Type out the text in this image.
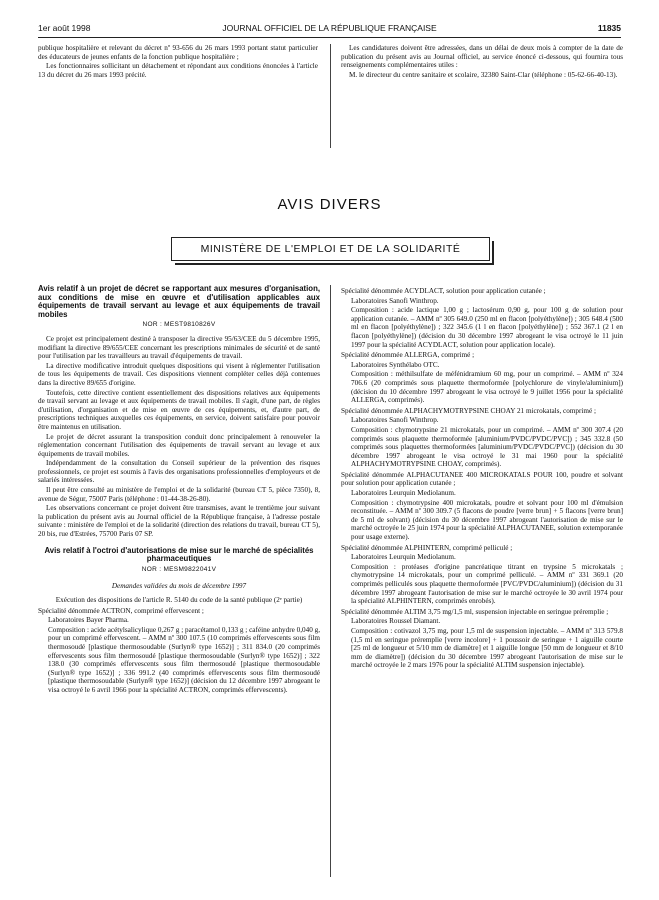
1er août 1998	JOURNAL OFFICIEL DE LA RÉPUBLIQUE FRANÇAISE	11835

publique hospitalière et relevant du décret nº 93-656 du 26 mars 1993 portant statut particulier des éducateurs de jeunes enfants de la fonction publique hospitalière ;

Les fonctionnaires sollicitant un détachement et répondant aux conditions énoncées à l'article 13 du décret du 26 mars 1993 précité.

Les candidatures doivent être adressées, dans un délai de deux mois à compter de la date de publication du présent avis au Journal officiel, au service énoncé ci-dessous, qui fournira tous renseignements complémentaires utiles :

M. le directeur du centre sanitaire et scolaire, 32380 Saint-Clar (téléphone : 05-62-66-40-13).

AVIS DIVERS
MINISTÈRE DE L'EMPLOI ET DE LA SOLIDARITÉ
Avis relatif à un projet de décret se rapportant aux mesures d'organisation, aux conditions de mise en œuvre et d'utilisation applicables aux équipements de travail servant au levage et aux équipements de travail mobiles
NOR : MEST9810826V

Ce projet est principalement destiné à transposer la directive 95/63/CEE du 5 décembre 1995, modifiant la directive 89/655/CEE concernant les prescriptions minimales de sécurité et de santé pour l'utilisation par les travailleurs au travail d'équipements de travail.

La directive modificative introduit quelques dispositions qui visent à réglementer l'utilisation de tous les équipements de travail. Ces dispositions viennent compléter celles déjà contenues dans la directive 89/655 d'origine.

Toutefois, cette directive contient essentiellement des dispositions relatives aux équipements de travail servant au levage et aux équipements de travail mobiles. Il s'agit, d'une part, de règles d'utilisation, d'organisation et de mise en œuvre de ces équipements, et, d'autre part, de prescriptions techniques auxquelles ces équipements, en service, doivent satisfaire pour pouvoir être maintenus en utilisation.

Le projet de décret assurant la transposition conduit donc principalement à renouveler la réglementation concernant l'utilisation des équipements de travail servant au levage et aux équipements de travail mobiles.

Indépendamment de la consultation du Conseil supérieur de la prévention des risques professionnels, ce projet est soumis à l'avis des organisations professionnelles d'employeurs et de salariés intéressées.

Il peut être consulté au ministère de l'emploi et de la solidarité (bureau CT 5, pièce 7350), 8, avenue de Ségur, 75007 Paris (téléphone : 01-44-38-26-80).

Les observations concernant ce projet doivent être transmises, avant le trentième jour suivant la publication du présent avis au Journal officiel de la République française, à l'adresse postale suivante : ministère de l'emploi et de la solidarité (direction des relations du travail, bureau CT 5), 20 bis, rue d'Estrées, 75700 Paris 07 SP.

Avis relatif à l'octroi d'autorisations de mise sur le marché de spécialités pharmaceutiques
NOR : MESM9822041V
Demandes validées du mois de décembre 1997
Exécution des dispositions de l'article R. 5140 du code de la santé publique (2ᵉ partie)

Spécialité dénommée ACTRON, comprimé effervescent ;

Laboratoires Bayer Pharma.

Composition : acide acétylsalicylique 0,267 g ; paracétamol 0,133 g ; caféine anhydre 0,040 g, pour un comprimé effervescent. – AMM nº 300 107.5 (10 comprimés effervescents sous film thermosoudé [plastique thermosoudable (Surlyn® type 1652)] ; 311 834.0 (20 comprimés effervescents sous film thermosoudé [plastique thermosoudable (Surlyn® type 1652)] ; 322 138.0 (30 comprimés effervescents sous film thermosoudé [plastique thermosoudable (Surlyn® type 1652)] ; 336 991.2 (40 comprimés effervescents sous film thermosoudé [plastique thermosoudable (Surlyn® type 1652)] (décision du 12 décembre 1997 abrogeant le visa octroyé le 6 avril 1966 pour la spécialité ACTRON, comprimés effervescents).

Spécialité dénommée ACYDLACT, solution pour application cutanée ;

Laboratoires Sanofi Winthrop.

Composition : acide lactique 1,00 g ; lactosérum 0,90 g, pour 100 g de solution pour application cutanée. – AMM nº 305 649.0 (250 ml en flacon [polyéthylène]) ; 305 648.4 (500 ml en flacon [polyéthylène]) ; 322 345.6 (1 l en flacon [polyéthylène]) ; 552 367.1 (2 l en flacon [polyéthylène]) (décision du 30 décembre 1997 abrogeant le visa octroyé le 11 juin 1997 pour la spécialité ACYDLACT, solution pour application locale).

Spécialité dénommée ALLERGA, comprimé ;

Laboratoires Synthélabo OTC.

Composition : méthilsulfate de méfénidramium 60 mg, pour un comprimé. – AMM nº 324 706.6 (20 comprimés sous plaquette thermoformée [polychlorure de vinyle/aluminium]) (décision du 10 décembre 1997 abrogeant le visa octroyé le 9 juillet 1956 pour la spécialité ALLERGA, comprimés).

Spécialité dénommée ALPHACHYMOTRYPSINE CHOAY 21 microkatals, comprimé ;

Laboratoires Sanofi Winthrop.

Composition : chymotrypsine 21 microkatals, pour un comprimé. – AMM nº 300 307.4 (20 comprimés sous plaquette thermoformée [aluminium/PVDC/PVDC/PVC]) ; 345 332.8 (50 comprimés sous plaquettes thermoformées [aluminium/PVDC/PVDC/PVC]) (décision du 30 décembre 1997 abrogeant le visa octroyé le 31 mai 1960 pour la spécialité ALPHACHYMOTRYPSINE CHOAY, comprimés).

Spécialité dénommée ALPHACUTANEE 400 MICROKATALS POUR 100, poudre et solvant pour solution pour application cutanée ;

Laboratoires Leurquin Mediolanum.

Composition : chymotrypsine 400 microkatals, poudre et solvant pour 100 ml d'émulsion reconstituée. – AMM nº 300 309.7 (5 flacons de poudre [verre brun] + 5 flacons [verre brun] de 5 ml de solvant) (décision du 30 décembre 1997 abrogeant l'autorisation de mise sur le marché octroyée le 25 juin 1974 pour la spécialité ALPHACUTANEE, solution extemporanée pour usage externe).

Spécialité dénommée ALPHINTERN, comprimé pelliculé ;

Laboratoires Leurquin Mediolanum.

Composition : protéases d'origine pancréatique titrant en trypsine 5 microkatals ; chymotrypsine 14 microkatals, pour un comprimé pelliculé. – AMM nº 331 369.1 (20 comprimés pelliculés sous plaquette thermoformée [PVC/PVDC/aluminium]) (décision du 31 décembre 1997 abrogeant l'autorisation de mise sur le marché octroyée le 30 avril 1974 pour la spécialité ALPHINTERN, comprimés enrobés).

Spécialité dénommée ALTIM 3,75 mg/1,5 ml, suspension injectable en seringue préremplie ;

Laboratoires Roussel Diamant.

Composition : cotivazol 3,75 mg, pour 1,5 ml de suspension injectable. – AMM nº 313 579.8 (1,5 ml en seringue préremplie [verre incolore] + 1 poussoir de seringue + 1 aiguille courte [25 ml de longueur et 5/10 mm de diamètre] et 1 aiguille longue [50 mm de longueur et 8/10 mm de diamètre]) (décision du 30 décembre 1997 abrogeant l'autorisation de mise sur le marché octroyée le 2 mars 1976 pour la spécialité ALTIM suspension injectable).
